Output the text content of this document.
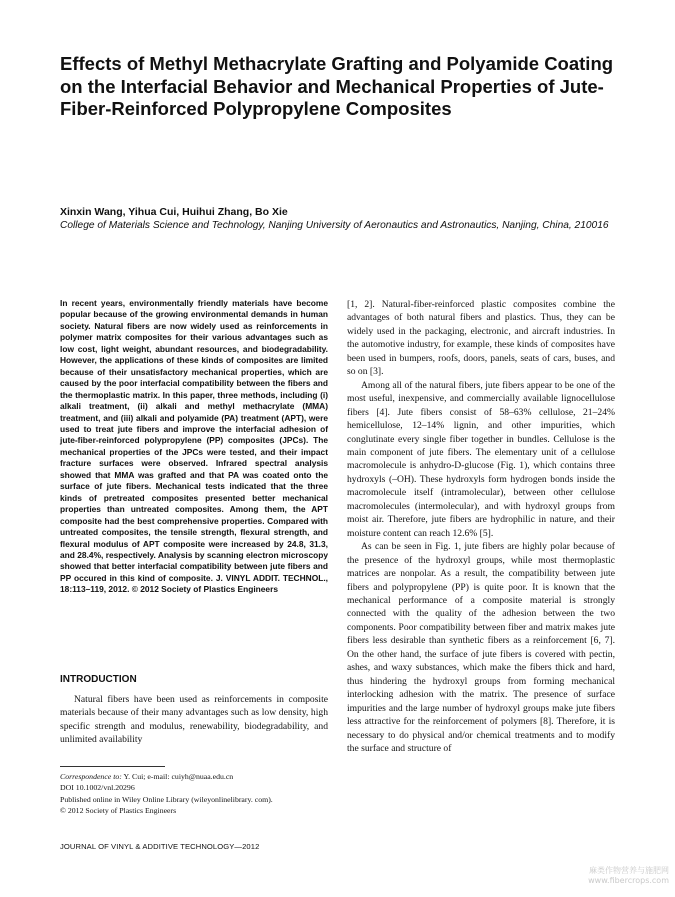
Effects of Methyl Methacrylate Grafting and Polyamide Coating on the Interfacial Behavior and Mechanical Properties of Jute-Fiber-Reinforced Polypropylene Composites
Xinxin Wang, Yihua Cui, Huihui Zhang, Bo Xie
College of Materials Science and Technology, Nanjing University of Aeronautics and Astronautics, Nanjing, China, 210016

In recent years, environmentally friendly materials have become popular because of the growing environmental demands in human society. Natural fibers are now widely used as reinforcements in polymer matrix composites for their various advantages such as low cost, light weight, abundant resources, and biodegradability. However, the applications of these kinds of composites are limited because of their unsatisfactory mechanical properties, which are caused by the poor interfacial compatibility between the fibers and the thermoplastic matrix. In this paper, three methods, including (i) alkali treatment, (ii) alkali and methyl methacrylate (MMA) treatment, and (iii) alkali and polyamide (PA) treatment (APT), were used to treat jute fibers and improve the interfacial adhesion of jute-fiber-reinforced polypropylene (PP) composites (JPCs). The mechanical properties of the JPCs were tested, and their impact fracture surfaces were observed. Infrared spectral analysis showed that MMA was grafted and that PA was coated onto the surface of jute fibers. Mechanical tests indicated that the three kinds of pretreated composites presented better mechanical properties than untreated composites. Among them, the APT composite had the best comprehensive properties. Compared with untreated composites, the tensile strength, flexural strength, and flexural modulus of APT composite were increased by 24.8, 31.3, and 28.4%, respectively. Analysis by scanning electron microscopy showed that better interfacial compatibility between jute fibers and PP occured in this kind of composite. J. VINYL ADDIT. TECHNOL., 18:113–119, 2012. © 2012 Society of Plastics Engineers

INTRODUCTION

Natural fibers have been used as reinforcements in composite materials because of their many advantages such as low density, high specific strength and modulus, renewability, biodegradability, and unlimited availability

Correspondence to: Y. Cui; e-mail: cuiyh@nuaa.edu.cn
DOI 10.1002/vnl.20296
Published online in Wiley Online Library (wileyonlinelibrary. com).
© 2012 Society of Plastics Engineers

[1, 2]. Natural-fiber-reinforced plastic composites combine the advantages of both natural fibers and plastics. Thus, they can be widely used in the packaging, electronic, and aircraft industries. In the automotive industry, for example, these kinds of composites have been used in bumpers, roofs, doors, panels, seats of cars, buses, and so on [3].

Among all of the natural fibers, jute fibers appear to be one of the most useful, inexpensive, and commercially available lignocellulose fibers [4]. Jute fibers consist of 58–63% cellulose, 21–24% hemicellulose, 12–14% lignin, and other impurities, which conglutinate every single fiber together in bundles. Cellulose is the main component of jute fibers. The elementary unit of a cellulose macromolecule is anhydro-D-glucose (Fig. 1), which contains three hydroxyls (–OH). These hydroxyls form hydrogen bonds inside the macromolecule itself (intramolecular), between other cellulose macromolecules (intermolecular), and with hydroxyl groups from moist air. Therefore, jute fibers are hydrophilic in nature, and their moisture content can reach 12.6% [5].

As can be seen in Fig. 1, jute fibers are highly polar because of the presence of the hydroxyl groups, while most thermoplastic matrices are nonpolar. As a result, the compatibility between jute fibers and polypropylene (PP) is quite poor. It is known that the mechanical performance of a composite material is strongly connected with the quality of the adhesion between the two components. Poor compatibility between fiber and matrix makes jute fibers less desirable than synthetic fibers as a reinforcement [6, 7]. On the other hand, the surface of jute fibers is covered with pectin, ashes, and waxy substances, which make the fibers thick and hard, thus hindering the hydroxyl groups from forming mechanical interlocking adhesion with the matrix. The presence of surface impurities and the large number of hydroxyl groups make jute fibers less attractive for the reinforcement of polymers [8]. Therefore, it is necessary to do physical and/or chemical treatments and to modify the surface and structure of

JOURNAL OF VINYL & ADDITIVE TECHNOLOGY—2012
麻类作物营养与施肥网
www.fibercrops.com
